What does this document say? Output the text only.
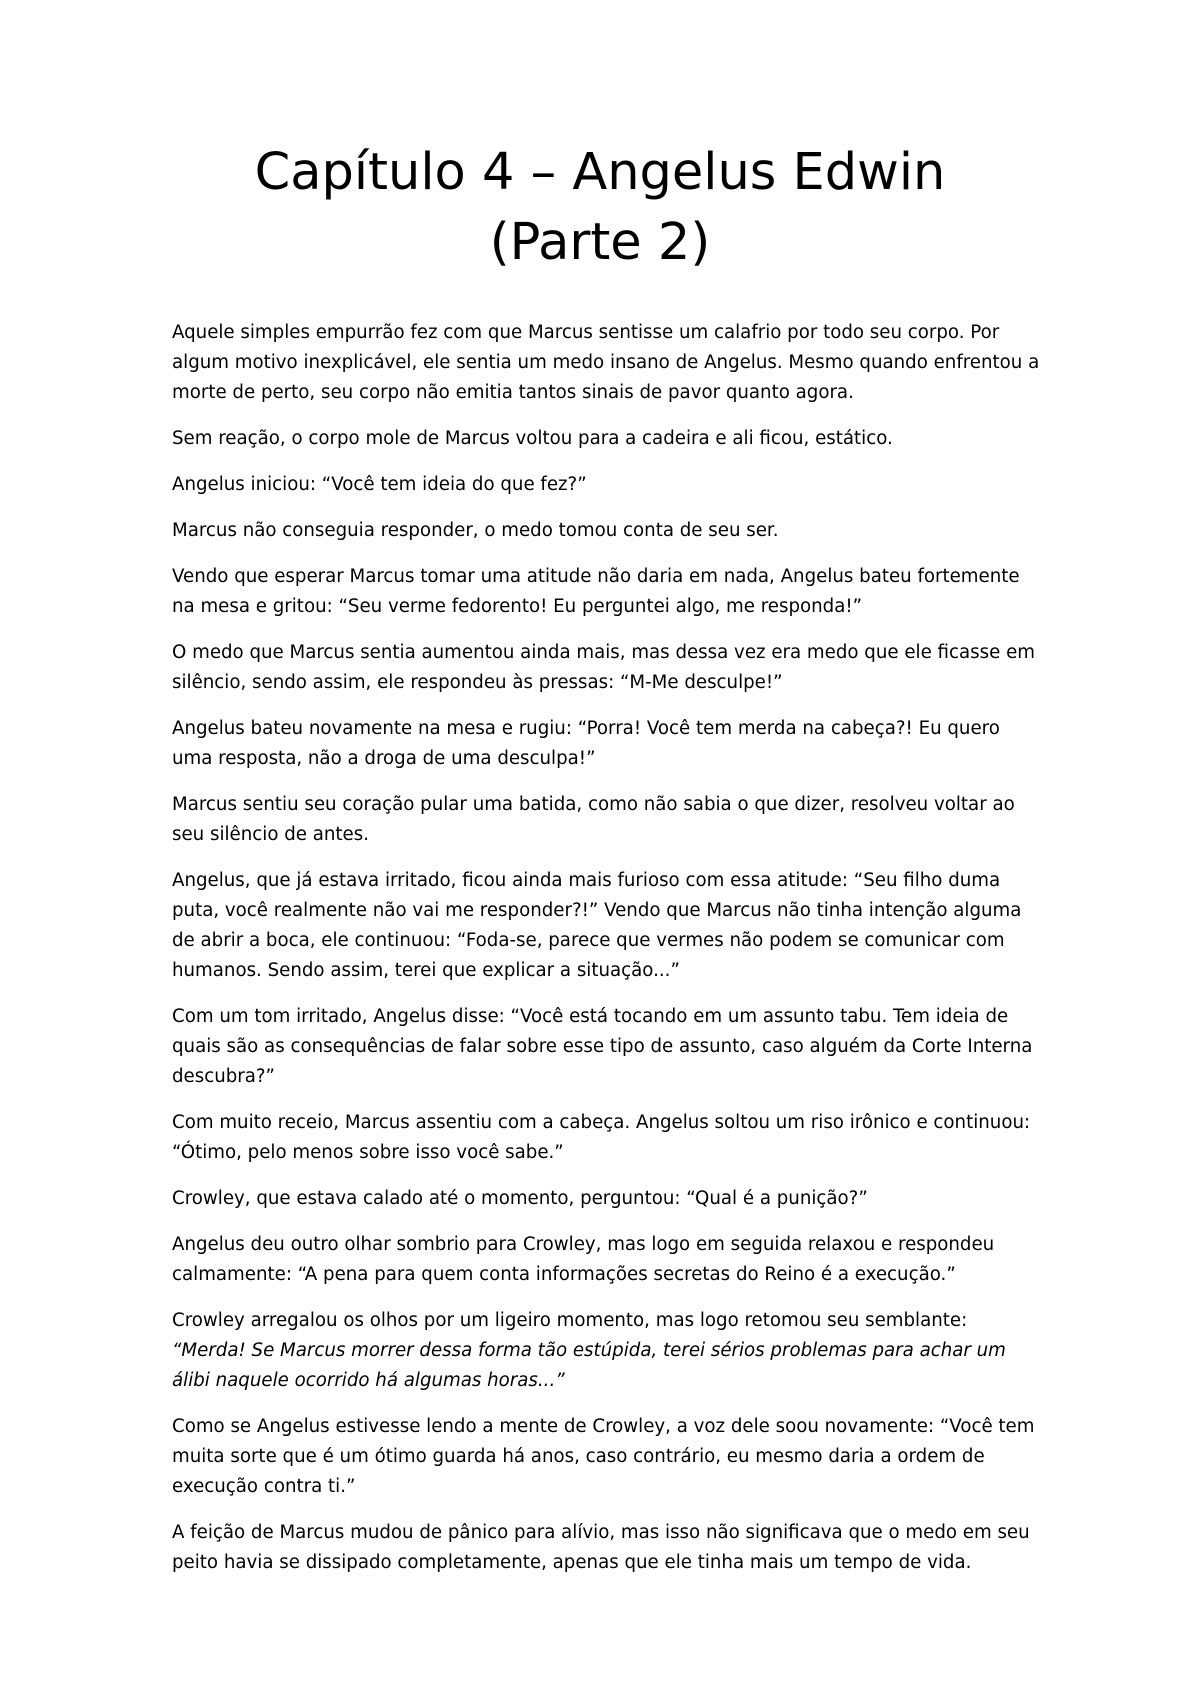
Capítulo 4 – Angelus Edwin
(Parte 2)

Aquele simples empurrão fez com que Marcus sentisse um calafrio por todo seu corpo. Por algum motivo inexplicável, ele sentia um medo insano de Angelus. Mesmo quando enfrentou a morte de perto, seu corpo não emitia tantos sinais de pavor quanto agora.

Sem reação, o corpo mole de Marcus voltou para a cadeira e ali ficou, estático.

Angelus iniciou: “Você tem ideia do que fez?”

Marcus não conseguia responder, o medo tomou conta de seu ser.

Vendo que esperar Marcus tomar uma atitude não daria em nada, Angelus bateu fortemente na mesa e gritou: “Seu verme fedorento! Eu perguntei algo, me responda!”

O medo que Marcus sentia aumentou ainda mais, mas dessa vez era medo que ele ficasse em silêncio, sendo assim, ele respondeu às pressas: “M-Me desculpe!”

Angelus bateu novamente na mesa e rugiu: “Porra! Você tem merda na cabeça?! Eu quero uma resposta, não a droga de uma desculpa!”

Marcus sentiu seu coração pular uma batida, como não sabia o que dizer, resolveu voltar ao seu silêncio de antes.

Angelus, que já estava irritado, ficou ainda mais furioso com essa atitude: “Seu filho duma puta, você realmente não vai me responder?!” Vendo que Marcus não tinha intenção alguma de abrir a boca, ele continuou: “Foda-se, parece que vermes não podem se comunicar com humanos. Sendo assim, terei que explicar a situação...”

Com um tom irritado, Angelus disse: “Você está tocando em um assunto tabu. Tem ideia de quais são as consequências de falar sobre esse tipo de assunto, caso alguém da Corte Interna descubra?”

Com muito receio, Marcus assentiu com a cabeça. Angelus soltou um riso irônico e continuou: “Ótimo, pelo menos sobre isso você sabe.”

Crowley, que estava calado até o momento, perguntou: “Qual é a punição?”

Angelus deu outro olhar sombrio para Crowley, mas logo em seguida relaxou e respondeu calmamente: “A pena para quem conta informações secretas do Reino é a execução.”

Crowley arregalou os olhos por um ligeiro momento, mas logo retomou seu semblante:
“Merda! Se Marcus morrer dessa forma tão estúpida, terei sérios problemas para achar um álibi naquele ocorrido há algumas horas...”

Como se Angelus estivesse lendo a mente de Crowley, a voz dele soou novamente: “Você tem muita sorte que é um ótimo guarda há anos, caso contrário, eu mesmo daria a ordem de execução contra ti.”

A feição de Marcus mudou de pânico para alívio, mas isso não significava que o medo em seu peito havia se dissipado completamente, apenas que ele tinha mais um tempo de vida.
